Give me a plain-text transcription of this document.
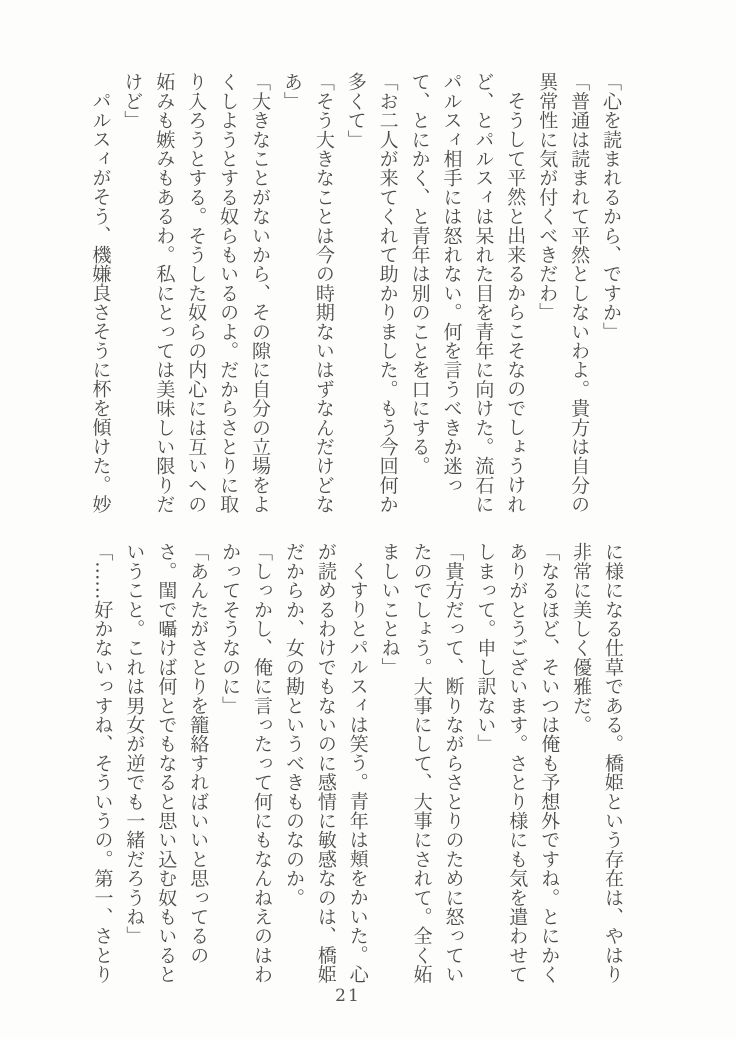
「心を読まれるから、ですか」

「普通は読まれて平然としないわよ。貴方は自分の異常性に気が付くべきだわ」

そうして平然と出来るからこそなのでしょうけれど、とパルスィは呆れた目を青年に向けた。流石にパルスィ相手には怒れない。何を言うべきか迷って、とにかく、と青年は別のことを口にする。

「お二人が来てくれて助かりました。もう今回何か多くて」

「そう大きなことは今の時期ないはずなんだけどなあ」

「大きなことがないから、その隙に自分の立場をよくしようとする奴らもいるのよ。だからさとりに取り入ろうとする。そうした奴らの内心には互いへの妬みも嫉みもあるわ。私にとっては美味しい限りだけど」

パルスィがそう、機嫌良さそうに杯を傾けた。妙

に様になる仕草である。橋姫という存在は、やはり非常に美しく優雅だ。

「なるほど、そいつは俺も予想外ですね。とにかくありがとうございます。さとり様にも気を遣わせてしまって。申し訳ない」

「貴方だって、断りながらさとりのために怒っていたのでしょう。大事にして、大事にされて。全く妬ましいことね」

くすりとパルスィは笑う。青年は頬をかいた。心が読めるわけでもないのに感情に敏感なのは、橋姫だからか、女の勘というべきものなのか。

「しっかし、俺に言ったって何にもなんねえのはわかってそうなのに」

「あんたがさとりを籠絡すればいいと思ってるのさ。閨で囁けば何とでもなると思い込む奴もいるということ。これは男女が逆でも一緒だろうね」

「……好かないっすね、そういうの。第一、さとり

21
